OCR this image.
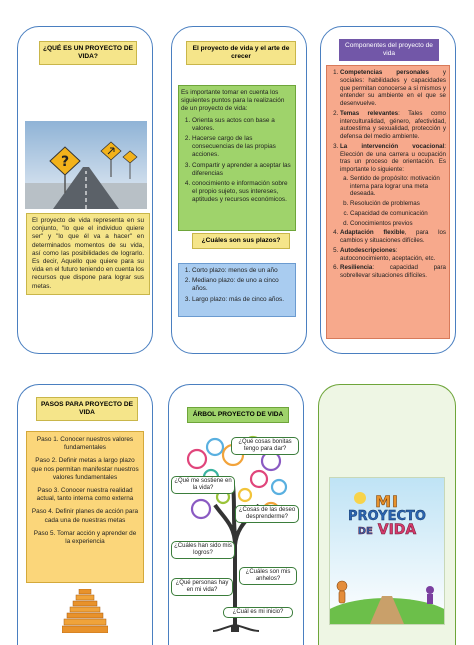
¿QUÉ ES UN PROYECTO DE VIDA?
?
El proyecto de vida representa en su conjunto, "lo que el individuo quiere ser" y "lo que él va a hacer" en determinados momentos de su vida, así como las posibilidades de lograrlo. Es decir, Aquello que quiere para su vida en el futuro teniendo en cuenta los recursos que dispone para lograr sus metas.
El proyecto de vida y el arte de crecer
Es importante tomar en cuenta los siguientes puntos para la realización de un proyecto de vida:
1. Orienta sus actos con base a valores.
2. Hacerse cargo de las consecuencias de las propias acciones.
3. Compartir y aprender a aceptar las diferencias
4. conocimiento e información sobre el propio sujeto, sus intereses, aptitudes y recursos económicos.
¿Cuáles son sus plazos?
1. Corto plazo: menos de un año
2. Mediano plazo: de uno a cinco años.
3. Largo plazo: más de cinco años.
Componentes del proyecto de vida
1. Competencias personales y sociales: habilidades y capacidades que permitan conocerse a sí mismos y entender su ambiente en el que se desenvuelve.
2. Temas relevantes: Tales como interculturalidad, género, afectividad, autoestima y sexualidad, protección y defensa del medio ambiente.
3. La intervención vocacional: Elección de una carrera u ocupación tras un proceso de orientación. Es importante lo siguiente:
a. Sentido de propósito: motivación interna para lograr una meta deseada.
b. Resolución de problemas
c. Capacidad de comunicación
d. Conocimientos previos
4. Adaptación flexible, para los cambios y situaciones difíciles.
5. Autodescripciones: autoconocimiento, aceptación, etc.
6. Resiliencia: capacidad para sobrellevar situaciones difíciles.
PASOS PARA PROYECTO DE VIDA
Paso 1. Conocer nuestros valores fundamentales
Paso 2. Definir metas a largo plazo que nos permitan manifestar nuestros valores fundamentales
Paso 3. Conocer nuestra realidad actual, tanto interna como externa
Paso 4. Definir planes de acción para cada una de nuestras metas
Paso 5. Tomar acción y aprender de la experiencia
ÁRBOL PROYECTO DE VIDA
¿Qué cosas bonitas tengo para dar?
¿Qué me sostiene en la vida?
¿Cosas de las deseo desprenderme?
¿Cuáles han sido mis logros?
¿Cuáles son mis anhelos?
¿Qué personas hay en mi vida?
¿Cuál es mi inicio?
MI
PROYECTO
DE VIDA
